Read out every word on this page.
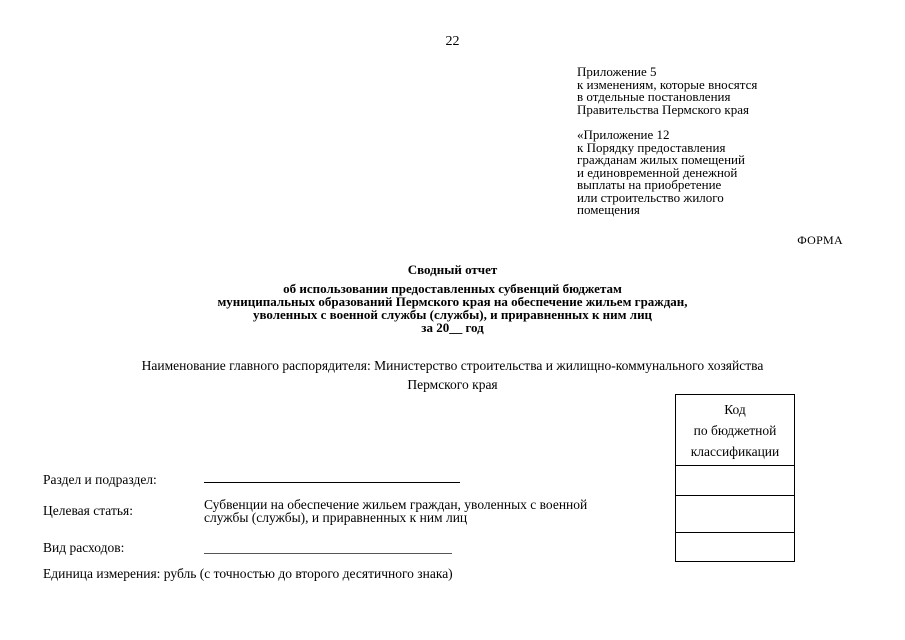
22
Приложение 5
к изменениям, которые вносятся
в отдельные постановления
Правительства Пермского края
«Приложение 12
к Порядку предоставления
гражданам жилых помещений
и единовременной денежной
выплаты на приобретение
или строительство жилого
помещения
ФОРМА
Сводный отчет
об использовании предоставленных субвенций бюджетам
муниципальных образований Пермского края на обеспечение жильем граждан,
уволенных с военной службы (службы), и приравненных к ним лиц
за 20__ год
Наименование главного распорядителя: Министерство строительства и жилищно-коммунального хозяйства
Пермского края
Код
по бюджетной
классификации
Раздел и подраздел:
Целевая статья:	Субвенции на обеспечение жильем граждан, уволенных с военной
службы (службы), и приравненных к ним лиц
Вид расходов:
Единица измерения: рубль (с точностью до второго десятичного знака)
